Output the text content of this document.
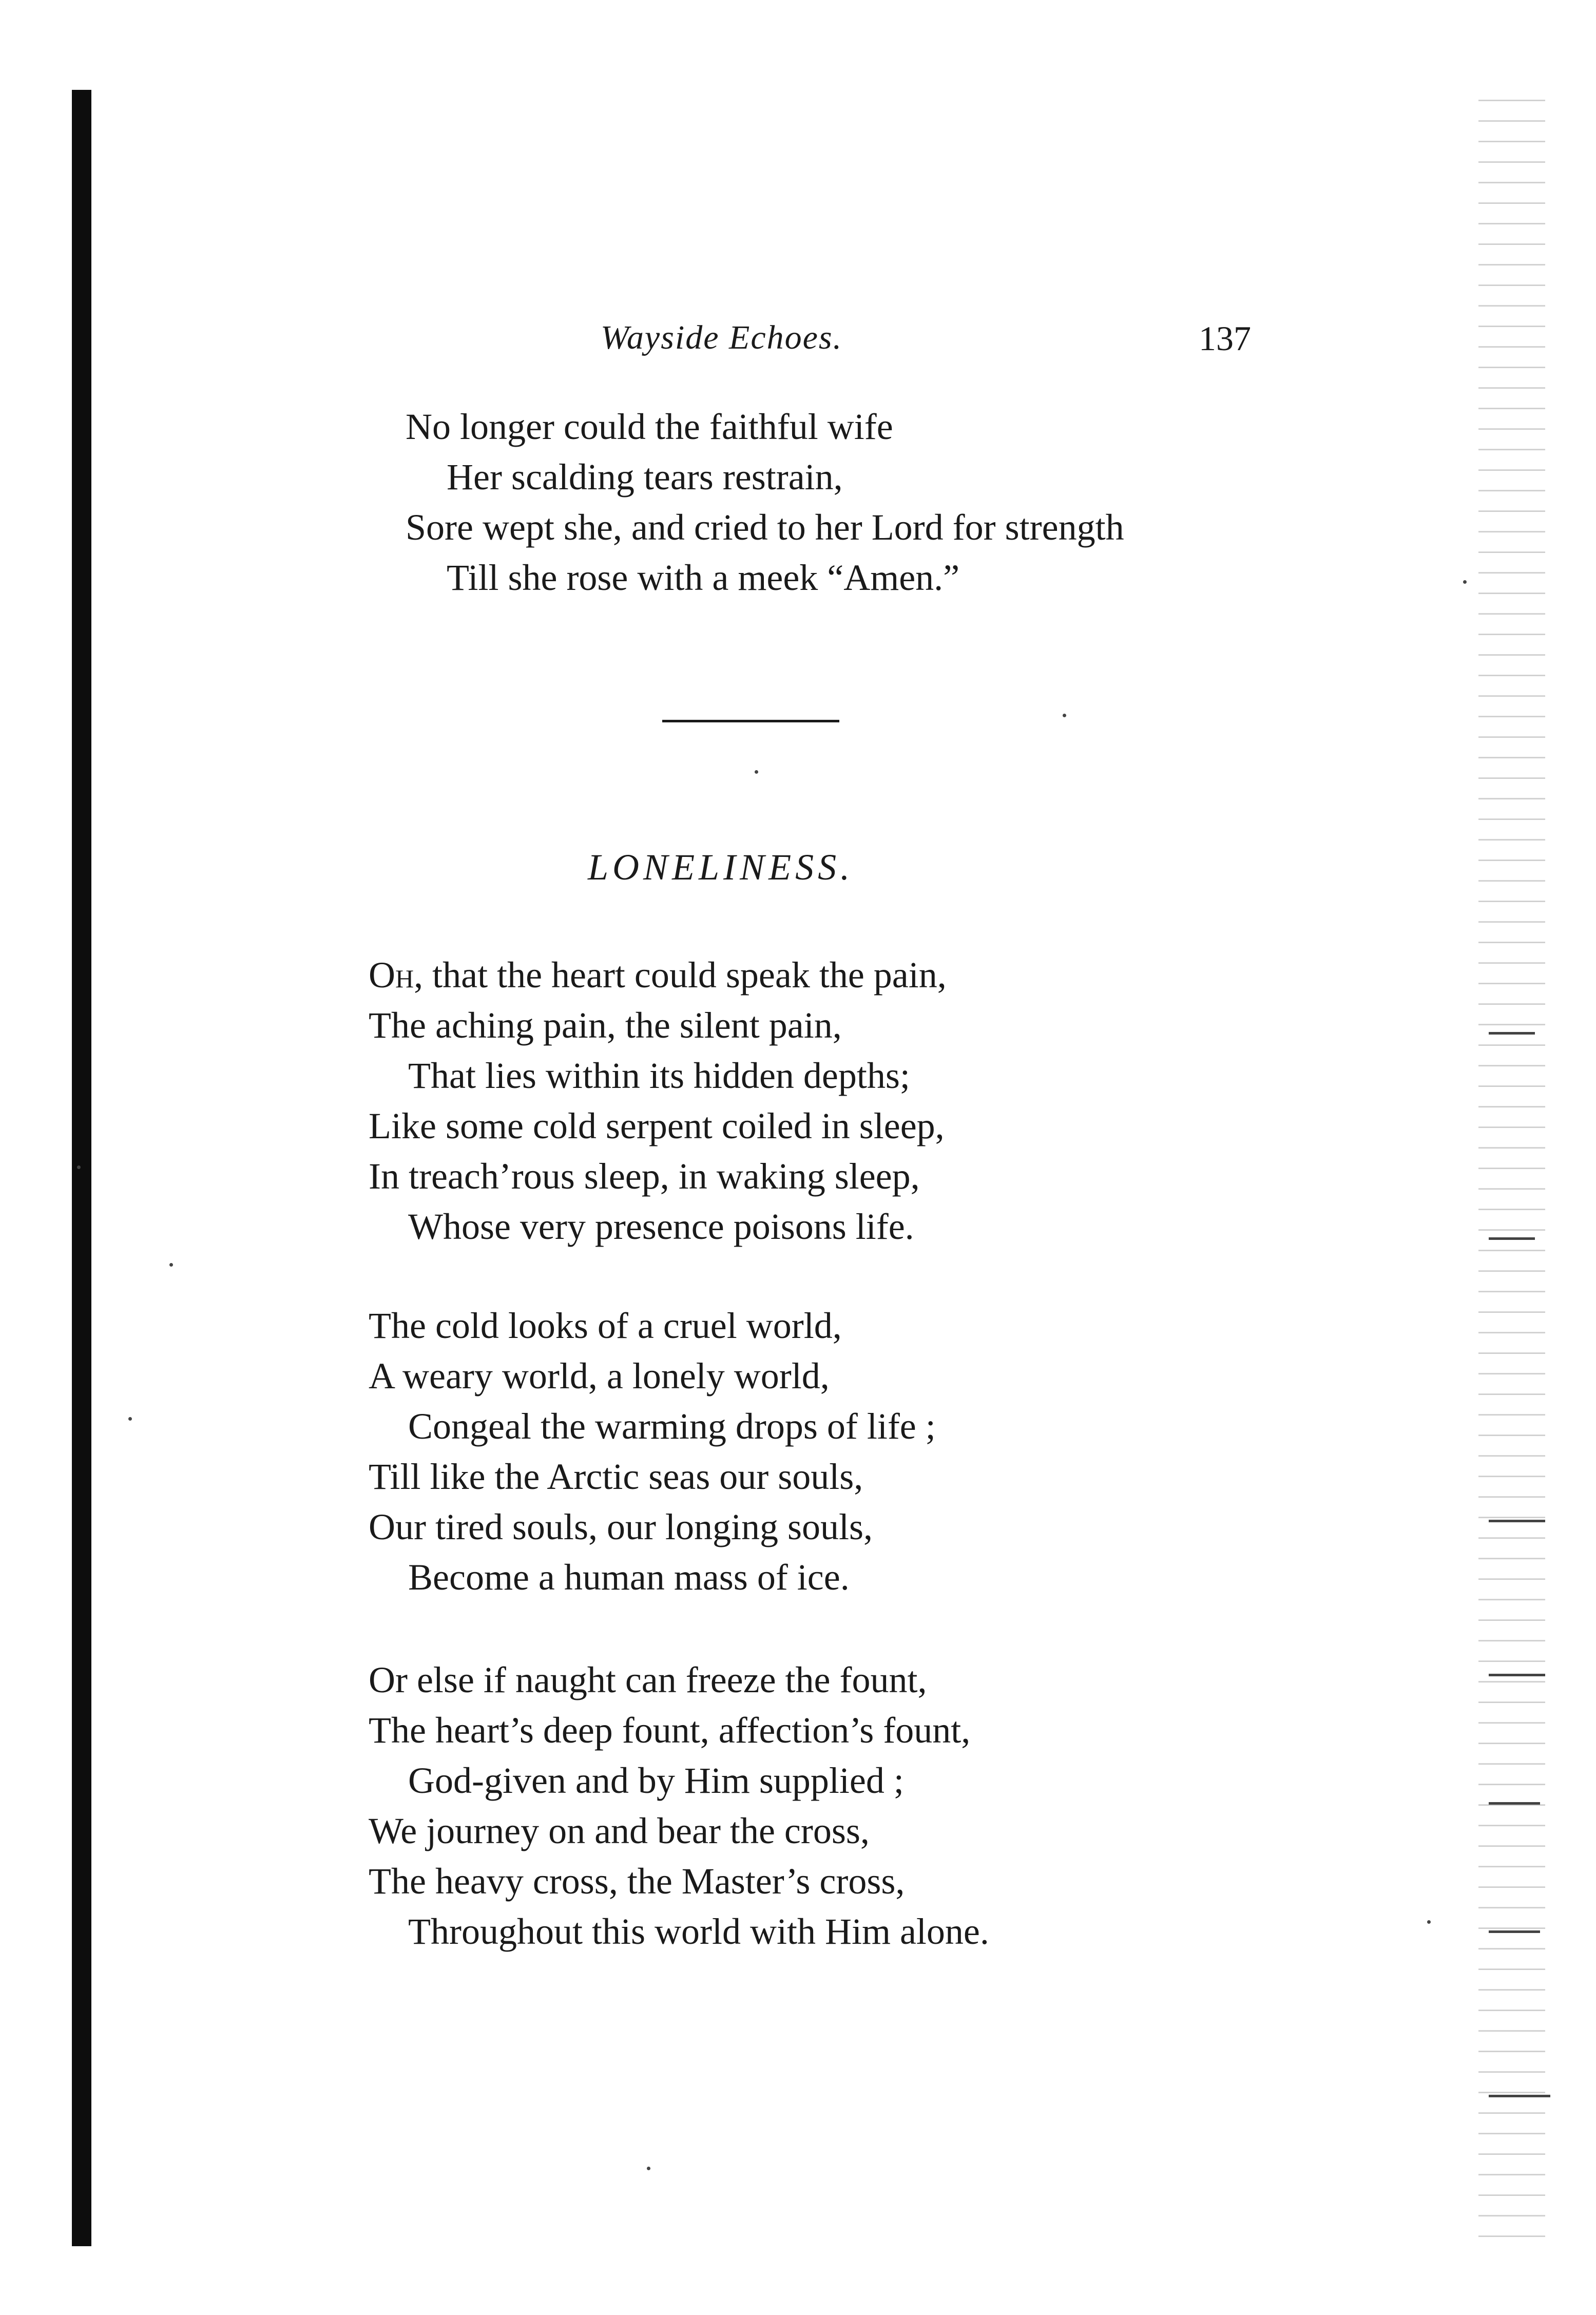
Wayside Echoes.	137
No longer could the faithful wife
Her scalding tears restrain,
Sore wept she, and cried to her Lord for strength
Till she rose with a meek “Amen.”
LONELINESS.
Oh, that the heart could speak the pain,
The aching pain, the silent pain,
That lies within its hidden depths;
Like some cold serpent coiled in sleep,
In treach’rous sleep, in waking sleep,
Whose very presence poisons life.
The cold looks of a cruel world,
A weary world, a lonely world,
Congeal the warming drops of life ;
Till like the Arctic seas our souls,
Our tired souls, our longing souls,
Become a human mass of ice.
Or else if naught can freeze the fount,
The heart’s deep fount, affection’s fount,
God-given and by Him supplied ;
We journey on and bear the cross,
The heavy cross, the Master’s cross,
Throughout this world with Him alone.
